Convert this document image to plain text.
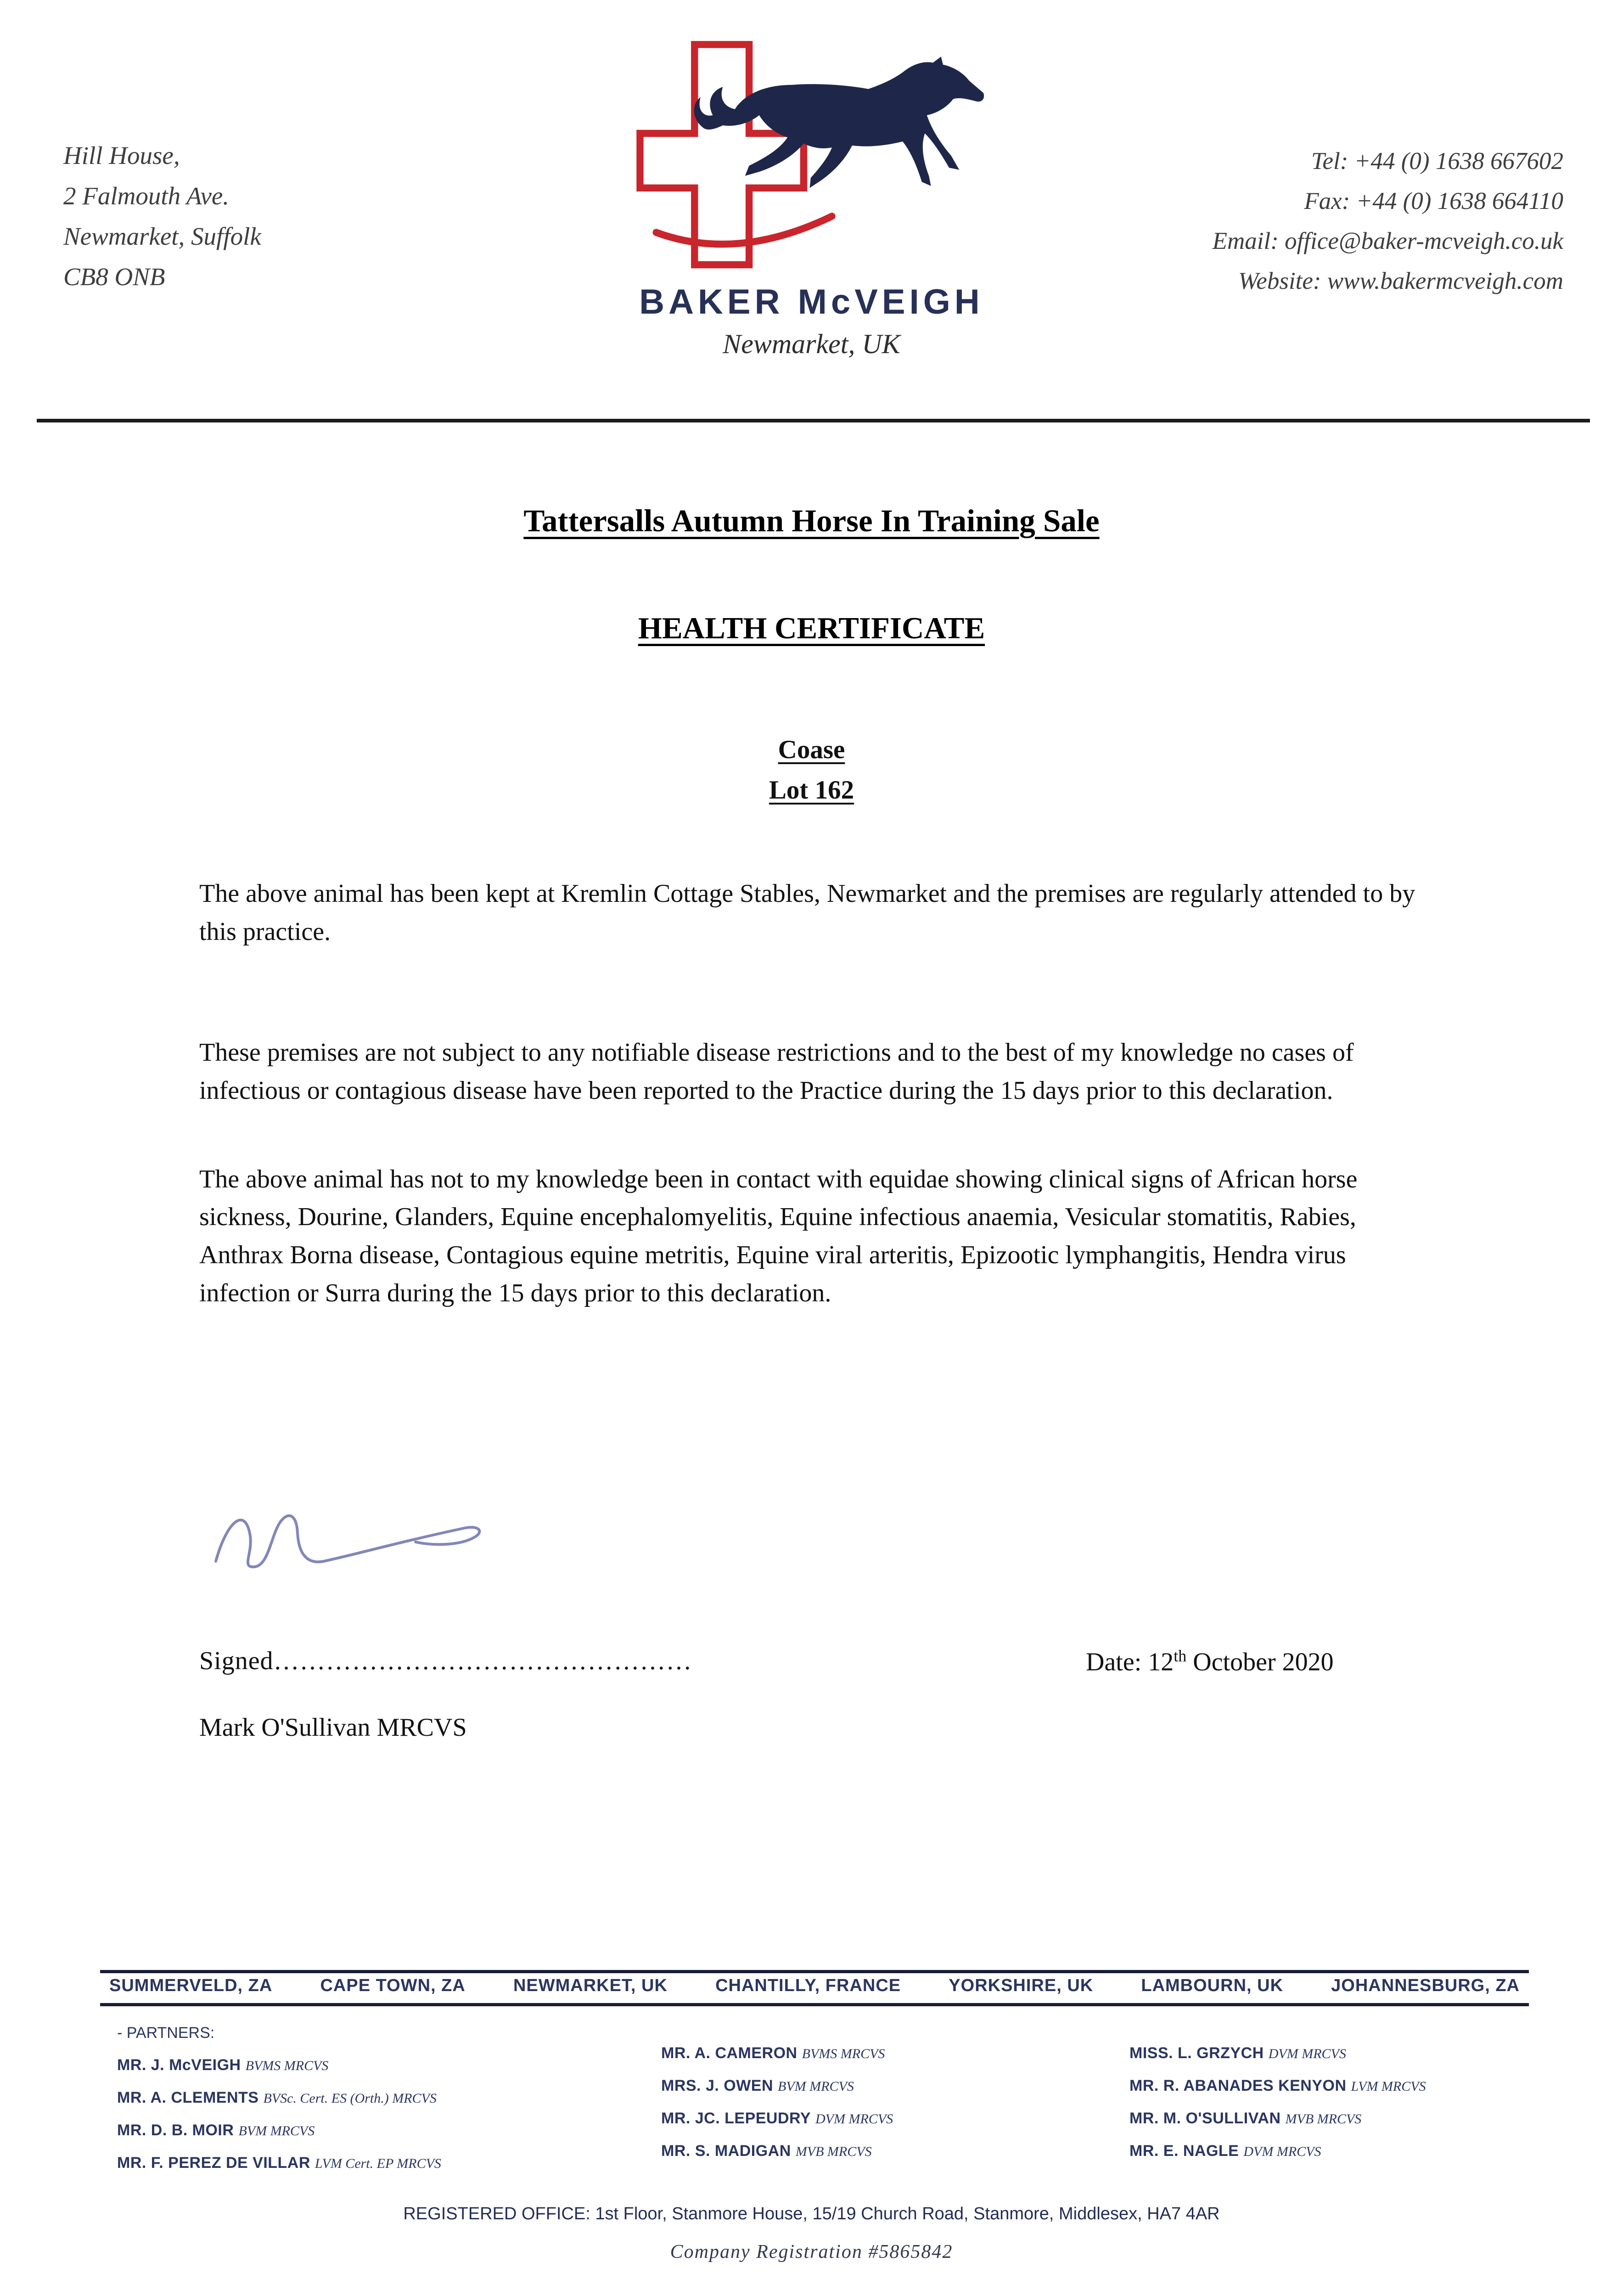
Hill House,
2 Falmouth Ave.
Newmarket, Suffolk
CB8 ONB
BAKER McVEIGH
Newmarket, UK
Tel: +44 (0) 1638 667602
Fax: +44 (0) 1638 664110
Email: office@baker-mcveigh.co.uk
Website: www.bakermcveigh.com
Tattersalls Autumn Horse In Training Sale
HEALTH CERTIFICATE
Coase
Lot 162

The above animal has been kept at Kremlin Cottage Stables, Newmarket and the premises are regularly attended to by this practice.

These premises are not subject to any notifiable disease restrictions and to the best of my knowledge no cases of infectious or contagious disease have been reported to the Practice during the 15 days prior to this declaration.

The above animal has not to my knowledge been in contact with equidae showing clinical signs of African horse sickness, Dourine, Glanders, Equine encephalomyelitis, Equine infectious anaemia, Vesicular stomatitis, Rabies, Anthrax Borna disease, Contagious equine metritis, Equine viral arteritis, Epizootic lymphangitis, Hendra virus infection or Surra during the 15 days prior to this declaration.

Signed…………………………………………	Date: 12th October 2020
Mark O'Sullivan MRCVS
SUMMERVELD, ZA	CAPE TOWN, ZA	NEWMARKET, UK	CHANTILLY, FRANCE	YORKSHIRE, UK	LAMBOURN, UK	JOHANNESBURG, ZA
- PARTNERS:
MR. J. McVEIGH BVMS MRCVS
MR. A. CLEMENTS BVSc. Cert. ES (Orth.) MRCVS
MR. D. B. MOIR BVM MRCVS
MR. F. PEREZ DE VILLAR LVM Cert. EP MRCVS
MR. A. CAMERON BVMS MRCVS
MRS. J. OWEN BVM MRCVS
MR. JC. LEPEUDRY DVM MRCVS
MR. S. MADIGAN MVB MRCVS
MISS. L. GRZYCH DVM MRCVS
MR. R. ABANADES KENYON LVM MRCVS
MR. M. O'SULLIVAN MVB MRCVS
MR. E. NAGLE DVM MRCVS
REGISTERED OFFICE: 1st Floor, Stanmore House, 15/19 Church Road, Stanmore, Middlesex, HA7 4AR
Company Registration #5865842
